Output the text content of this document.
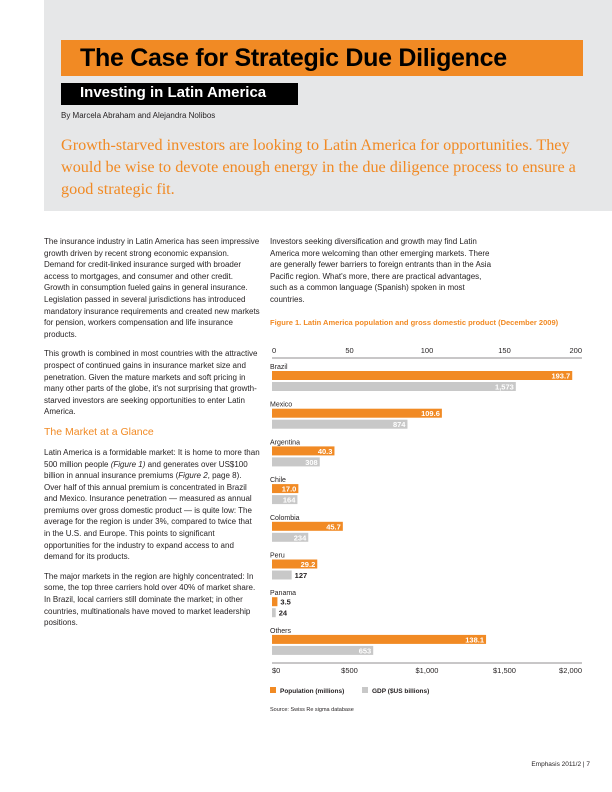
The Case for Strategic Due Diligence
Investing in Latin America
By Marcela Abraham and Alejandra Nolibos
Growth-starved investors are looking to Latin America for opportunities. They would be wise to devote enough energy in the due diligence process to ensure a good strategic fit.

The insurance industry in Latin America has seen impressive growth driven by recent strong economic expansion. Demand for credit-linked insurance surged with broader access to mortgages, and consumer and other credit. Growth in consumption fueled gains in general insurance. Legislation passed in several jurisdictions has introduced mandatory insurance requirements and created new markets for pension, workers compensation and life insurance products.

This growth is combined in most countries with the attractive prospect of continued gains in insurance market size and penetration. Given the mature markets and soft pricing in many other parts of the globe, it's not surprising that growth-starved investors are seeking opportunities to enter Latin America.

The Market at a Glance

Latin America is a formidable market: It is home to more than 500 million people (Figure 1) and generates over US$100 billion in annual insurance premiums (Figure 2, page 8). Over half of this annual premium is concentrated in Brazil and Mexico. Insurance penetration — measured as annual premiums over gross domestic product — is quite low: The average for the region is under 3%, compared to twice that in the U.S. and Europe. This points to significant opportunities for the industry to expand access to and demand for its products.

The major markets in the region are highly concentrated: In some, the top three carriers hold over 40% of market share. In Brazil, local carriers still dominate the market; in other countries, multinationals have moved to market leadership positions.

Investors seeking diversification and growth may find Latin America more welcoming than other emerging markets. There are generally fewer barriers to foreign entrants than in the Asia Pacific region. What's more, there are practical advantages, such as a common language (Spanish) spoken in most countries.

Figure 1. Latin America population and gross domestic product (December 2009)
0	50	100	150	200
Brazil
193.7
1,573
Mexico
109.6
874
Argentina
40.3
308
Chile
17.0
164
Colombia
45.7
234
Peru
29.2
127
Panama
3.5
24
Others
138.1
653
$0	$500	$1,000	$1,500	$2,000
Population (millions)	GDP ($US billions)
Source: Swiss Re sigma database
Emphasis 2011/2 | 7
